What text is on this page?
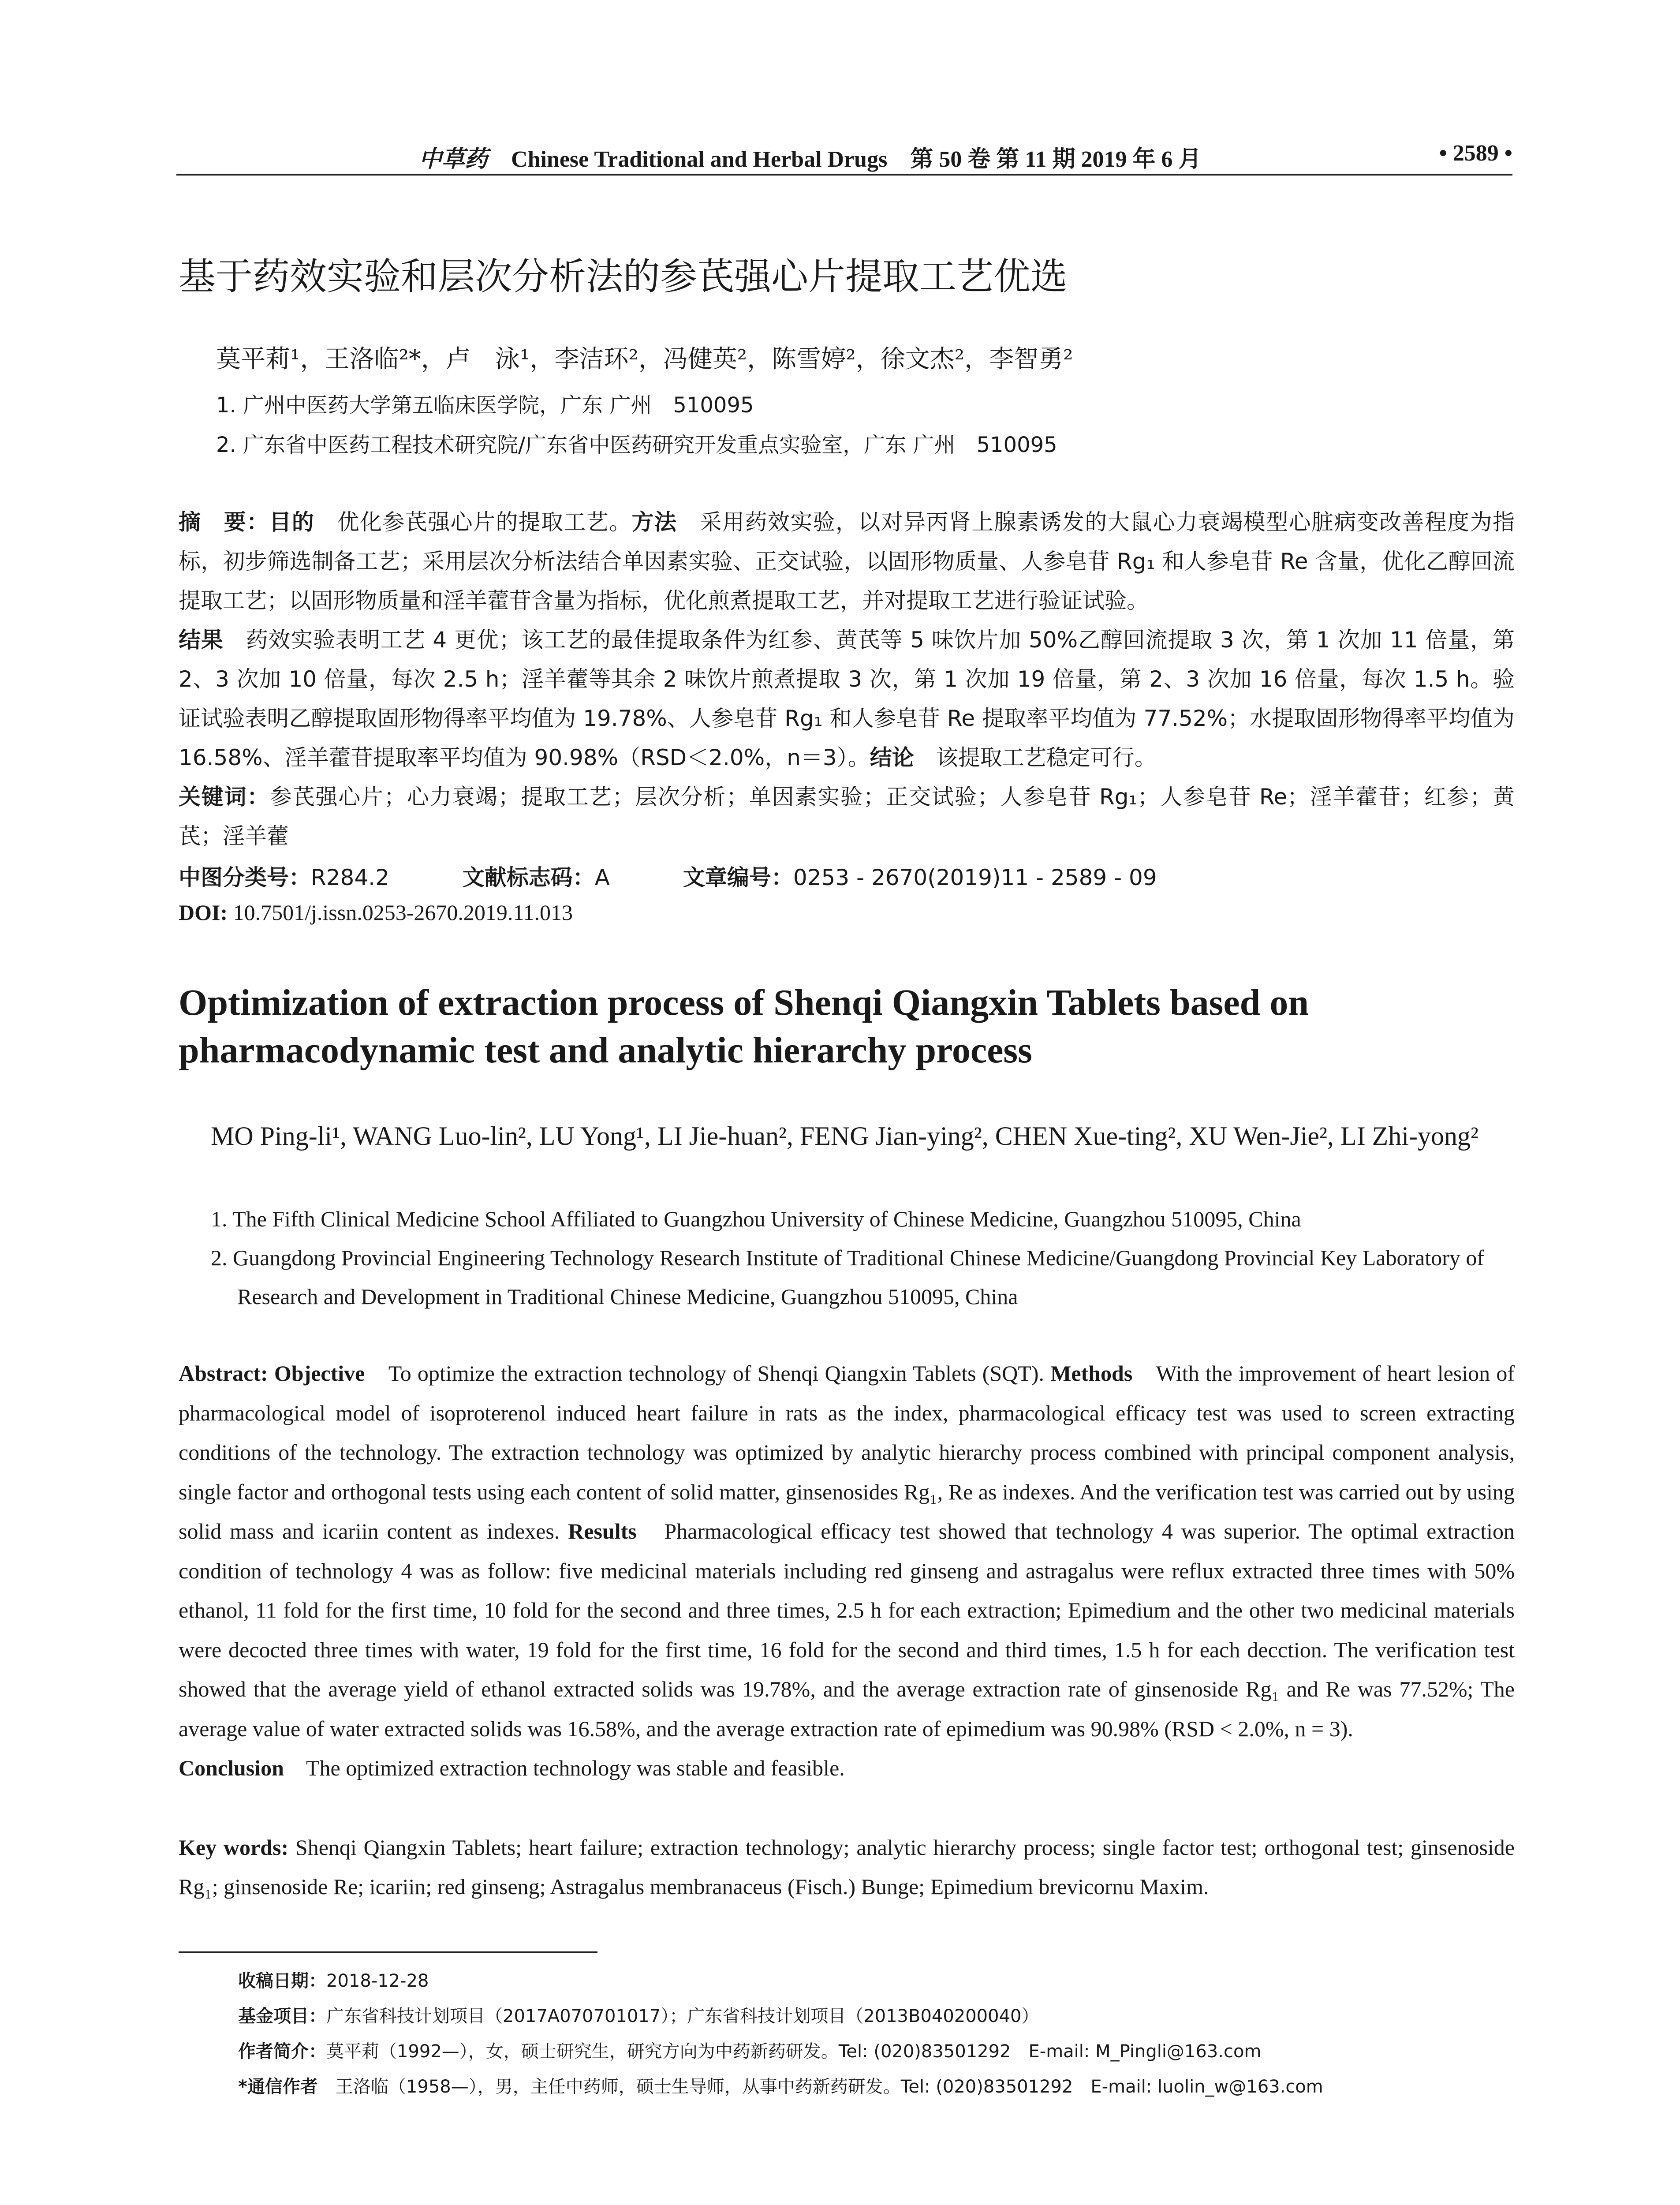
中草药 Chinese Traditional and Herbal Drugs　第 50 卷 第 11 期 2019 年 6 月	• 2589 •
基于药效实验和层次分析法的参芪强心片提取工艺优选
莫平莉¹，王洛临²*，卢　泳¹，李洁环²，冯健英²，陈雪婷²，徐文杰²，李智勇²
1. 广州中医药大学第五临床医学院，广东 广州　510095
2. 广东省中医药工程技术研究院/广东省中医药研究开发重点实验室，广东 广州　510095
摘　要：目的　优化参芪强心片的提取工艺。方法　采用药效实验，以对异丙肾上腺素诱发的大鼠心力衰竭模型心脏病变改善程度为指标，初步筛选制备工艺；采用层次分析法结合单因素实验、正交试验，以固形物质量、人参皂苷 Rg₁ 和人参皂苷 Re 含量，优化乙醇回流提取工艺；以固形物质量和淫羊藿苷含量为指标，优化煎煮提取工艺，并对提取工艺进行验证试验。
结果　药效实验表明工艺 4 更优；该工艺的最佳提取条件为红参、黄芪等 5 味饮片加 50%乙醇回流提取 3 次，第 1 次加 11 倍量，第 2、3 次加 10 倍量，每次 2.5 h；淫羊藿等其余 2 味饮片煎煮提取 3 次，第 1 次加 19 倍量，第 2、3 次加 16 倍量，每次 1.5 h。验证试验表明乙醇提取固形物得率平均值为 19.78%、人参皂苷 Rg₁ 和人参皂苷 Re 提取率平均值为 77.52%；水提取固形物得率平均值为 16.58%、淫羊藿苷提取率平均值为 90.98%（RSD＜2.0%，n＝3）。结论　该提取工艺稳定可行。
关键词：参芪强心片；心力衰竭；提取工艺；层次分析；单因素实验；正交试验；人参皂苷 Rg₁；人参皂苷 Re；淫羊藿苷；红参；黄芪；淫羊藿
中图分类号：R284.2	文献标志码：A	文章编号：0253 - 2670(2019)11 - 2589 - 09
DOI: 10.7501/j.issn.0253-2670.2019.11.013
Optimization of extraction process of Shenqi Qiangxin Tablets based on pharmacodynamic test and analytic hierarchy process
MO Ping-li¹, WANG Luo-lin², LU Yong¹, LI Jie-huan², FENG Jian-ying², CHEN Xue-ting², XU Wen-Jie², LI Zhi-yong²
1. The Fifth Clinical Medicine School Affiliated to Guangzhou University of Chinese Medicine, Guangzhou 510095, China
2. Guangdong Provincial Engineering Technology Research Institute of Traditional Chinese Medicine/Guangdong Provincial Key Laboratory of Research and Development in Traditional Chinese Medicine, Guangzhou 510095, China
Abstract: Objective　To optimize the extraction technology of Shenqi Qiangxin Tablets (SQT). Methods　With the improvement of heart lesion of pharmacological model of isoproterenol induced heart failure in rats as the index, pharmacological efficacy test was used to screen extracting conditions of the technology. The extraction technology was optimized by analytic hierarchy process combined with principal component analysis, single factor and orthogonal tests using each content of solid matter, ginsenosides Rg₁, Re as indexes. And the verification test was carried out by using solid mass and icariin content as indexes. Results　Pharmacological efficacy test showed that technology 4 was superior. The optimal extraction condition of technology 4 was as follow: five medicinal materials including red ginseng and astragalus were reflux extracted three times with 50% ethanol, 11 fold for the first time, 10 fold for the second and three times, 2.5 h for each extraction; Epimedium and the other two medicinal materials were decocted three times with water, 19 fold for the first time, 16 fold for the second and third times, 1.5 h for each decction. The verification test showed that the average yield of ethanol extracted solids was 19.78%, and the average extraction rate of ginsenoside Rg₁ and Re was 77.52%; The average value of water extracted solids was 16.58%, and the average extraction rate of epimedium was 90.98% (RSD < 2.0%, n = 3).
Conclusion　The optimized extraction technology was stable and feasible.
Key words: Shenqi Qiangxin Tablets; heart failure; extraction technology; analytic hierarchy process; single factor test; orthogonal test; ginsenoside Rg₁; ginsenoside Re; icariin; red ginseng; Astragalus membranaceus (Fisch.) Bunge; Epimedium brevicornu Maxim.
收稿日期：2018-12-28
基金项目：广东省科技计划项目（2017A070701017）；广东省科技计划项目（2013B040200040）
作者简介：莫平莉（1992—），女，硕士研究生，研究方向为中药新药研发。Tel: (020)83501292　E-mail: M_Pingli@163.com
*通信作者　王洛临（1958—），男，主任中药师，硕士生导师，从事中药新药研发。Tel: (020)83501292　E-mail: luolin_w@163.com
